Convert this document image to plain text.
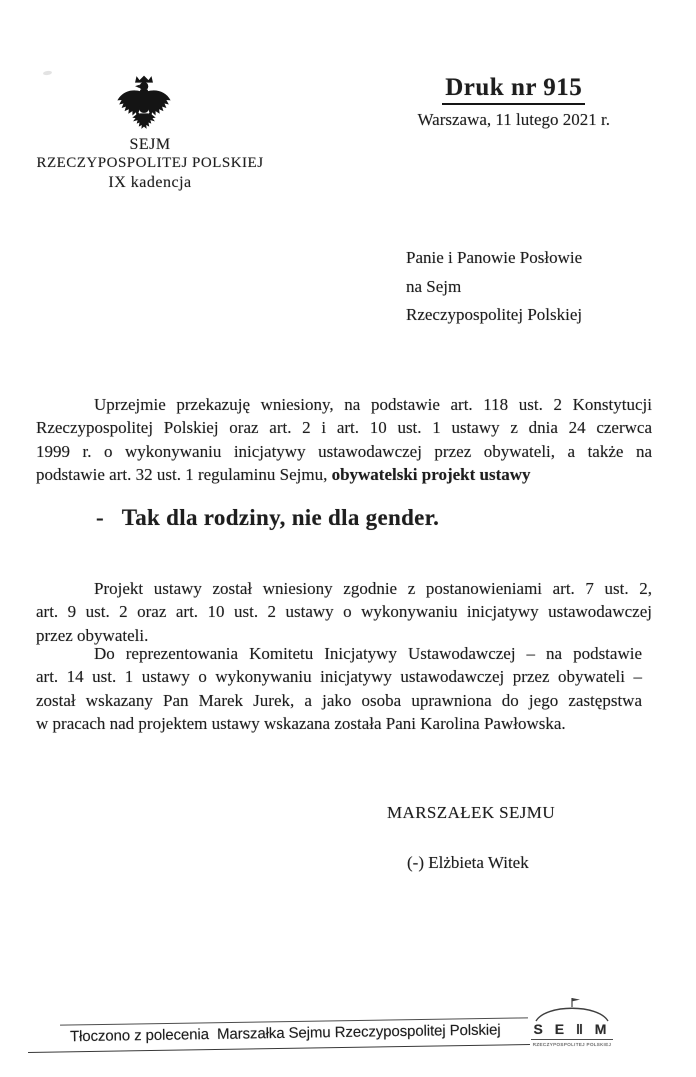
SEJM
RZECZYPOSPOLITEJ POLSKIEJ
IX kadencja
Druk nr 915
Warszawa, 11 lutego 2021 r.
Panie i Panowie Posłowie
na Sejm
Rzeczypospolitej Polskiej
Uprzejmie przekazuję wniesiony, na podstawie art. 118 ust. 2 Konstytucji
Rzeczypospolitej Polskiej oraz art. 2 i art. 10 ust. 1 ustawy z dnia 24 czerwca
1999 r. o wykonywaniu inicjatywy ustawodawczej przez obywateli, a także na
podstawie art. 32 ust. 1 regulaminu Sejmu, obywatelski projekt ustawy
-   Tak dla rodziny, nie dla gender.
Projekt ustawy został wniesiony zgodnie z postanowieniami art. 7 ust. 2,
art. 9 ust. 2 oraz art. 10 ust. 2 ustawy o wykonywaniu inicjatywy ustawodawczej
przez obywateli.
Do reprezentowania Komitetu Inicjatywy Ustawodawczej – na podstawie
art. 14 ust. 1 ustawy o wykonywaniu inicjatywy ustawodawczej przez obywateli –
został wskazany Pan Marek Jurek, a jako osoba uprawniona do jego zastępstwa
w pracach nad projektem ustawy wskazana została Pani Karolina Pawłowska.
MARSZAŁEK SEJMU
(-) Elżbieta Witek
Tłoczono z polecenia  Marszałka Sejmu Rzeczypospolitej Polskiej S E ‖ M
RZECZYPOSPOLITEJ POLSKIEJ
